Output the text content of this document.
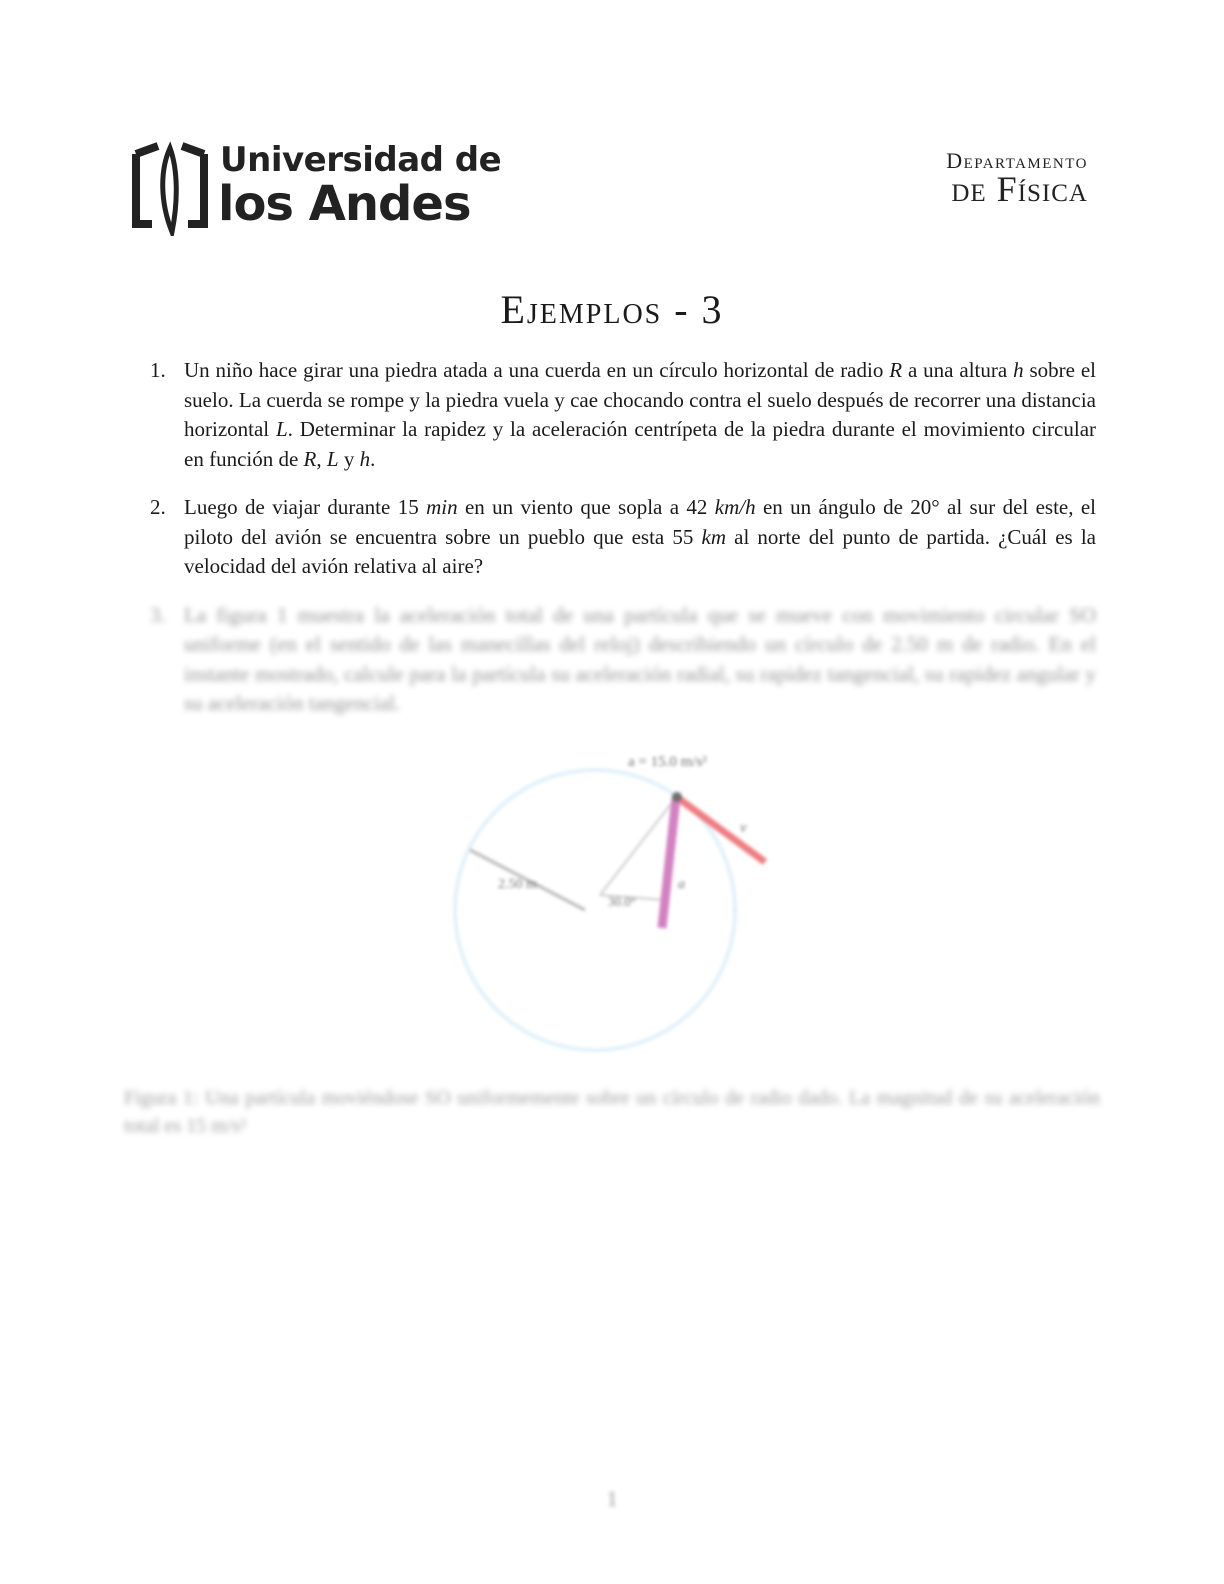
Universidad de
los Andes
Departamento
de Física
Ejemplos - 3
1. Un niño hace girar una piedra atada a una cuerda en un círculo horizontal de radio R a una altura h sobre el suelo. La cuerda se rompe y la piedra vuela y cae chocando contra el suelo después de recorrer una distancia horizontal L. Determinar la rapidez y la aceleración centrípeta de la piedra durante el movimiento circular en función de R, L y h.
2. Luego de viajar durante 15 min en un viento que sopla a 42 km/h en un ángulo de 20° al sur del este, el piloto del avión se encuentra sobre un pueblo que esta 55 km al norte del punto de partida. ¿Cuál es la velocidad del avión relativa al aire?
3. La figura 1 muestra la aceleración total de una partícula que se mueve con movimiento circular SO uniforme (en el sentido de las manecillas del reloj) describiendo un círculo de 2.50 m de radio. En el instante mostrado, calcule para la partícula su aceleración radial, su rapidez tangencial, su rapidez angular y su aceleración tangencial.
a = 15.0 m/s²
2.50 m
30.0°
v
a
Figura 1: Una partícula moviéndose SO uniformemente sobre un círculo de radio dado. La magnitud de su aceleración total es 15 m/s²
1
